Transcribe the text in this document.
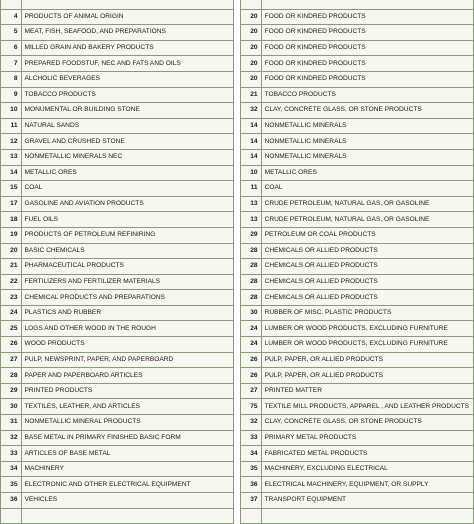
4	PRODUCTS OF ANIMAL ORIGIN		20	FOOD OR KINDRED PRODUCTS
5	MEAT, FISH, SEAFOOD, AND PREPARATIONS		20	FOOD OR KINDRED PRODUCTS
6	MILLED GRAIN AND BAKERY PRODUCTS		20	FOOD OR KINDRED PRODUCTS
7	PREPARED FOODSTUF, NEC AND FATS AND OILS		20	FOOD OR KINDRED PRODUCTS
8	ALCHOLIC BEVERAGES		20	FOOD OR KINDRED PRODUCTS
9	TOBACCO PRODUCTS		21	TOBACCO PRODUCTS
10	MONUMENTAL OR BUILDING STONE		32	CLAY, CONCRETE GLASS, OR STONE PRODUCTS
11	NATURAL SANDS		14	NONMETALLIC MINERALS
12	GRAVEL AND CRUSHED STONE		14	NONMETALLIC MINERALS
13	NONMETALLIC MINERALS NEC		14	NONMETALLIC MINERALS
14	METALLIC ORES		10	METALLIC ORES
15	COAL		11	COAL
17	GASOLINE AND AVIATION PRODUCTS		13	CRUDE PETROLEUM, NATURAL GAS, OR GASOLINE
18	FUEL OILS		13	CRUDE PETROLEUM, NATURAL GAS, OR GASOLINE
19	PRODUCTS OF PETROLEUM REFINIRING		29	PETROLEUM OR COAL PRODUCTS
20	BASIC CHEMICALS		28	CHEMICALS OR ALLIED PRODUCTS
21	PHARMACEUTICAL PRODUCTS		28	CHEMICALS OR ALLIED PRODUCTS
22	FERTILIZERS AND FERTILIZER MATERIALS		28	CHEMICALS OR ALLIED PRODUCTS
23	CHEMICAL PRODUCTS AND PREPARATIONS		28	CHEMICALS OR ALLIED PRODUCTS
24	PLASTICS AND RUBBER		30	RUBBER OF MISC. PLASTIC PRODUCTS
25	LOGS AND OTHER WOOD IN THE ROUGH		24	LUMBER OR WOOD PRODUCTS, EXCLUDING FURNITURE
26	WOOD PRODUCTS		24	LUMBER OR WOOD PRODUCTS, EXCLUDING FURNITURE
27	PULP, NEWSPRINT, PAPER, AND PAPERBOARD		26	PULP, PAPER, OR ALLIED PRODUCTS
28	PAPER AND PAPERBOARD ARTICLES		26	PULP, PAPER, OR ALLIED PRODUCTS
29	PRINTED PRODUCTS		27	PRINTED MATTER
30	TEXTILES, LEATHER, AND ARTICLES		75	TEXTILE MILL PRODUCTS, APPAREL , AND LEATHER PRODUCTS
31	NONMETALLIC MINERAL PRODUCTS		32	CLAY, CONCRETE GLASS, OR STONE PRODUCTS
32	BASE METAL IN PRIMARY FINISHED BASIC FORM		33	PRIMARY METAL PRODUCTS
33	ARTICLES OF BASE METAL		34	FABRICATED METAL PRODUCTS
34	MACHINERY		35	MACHINERY, EXCLUDING ELECTRICAL
35	ELECTRONIC AND OTHER ELECTRICAL EQUIPMENT		36	ELECTRICAL MACHINERY, EQUIPMENT, OR SUPPLY
36	VEHICLES		37	TRANSPORT EQUIPMENT
